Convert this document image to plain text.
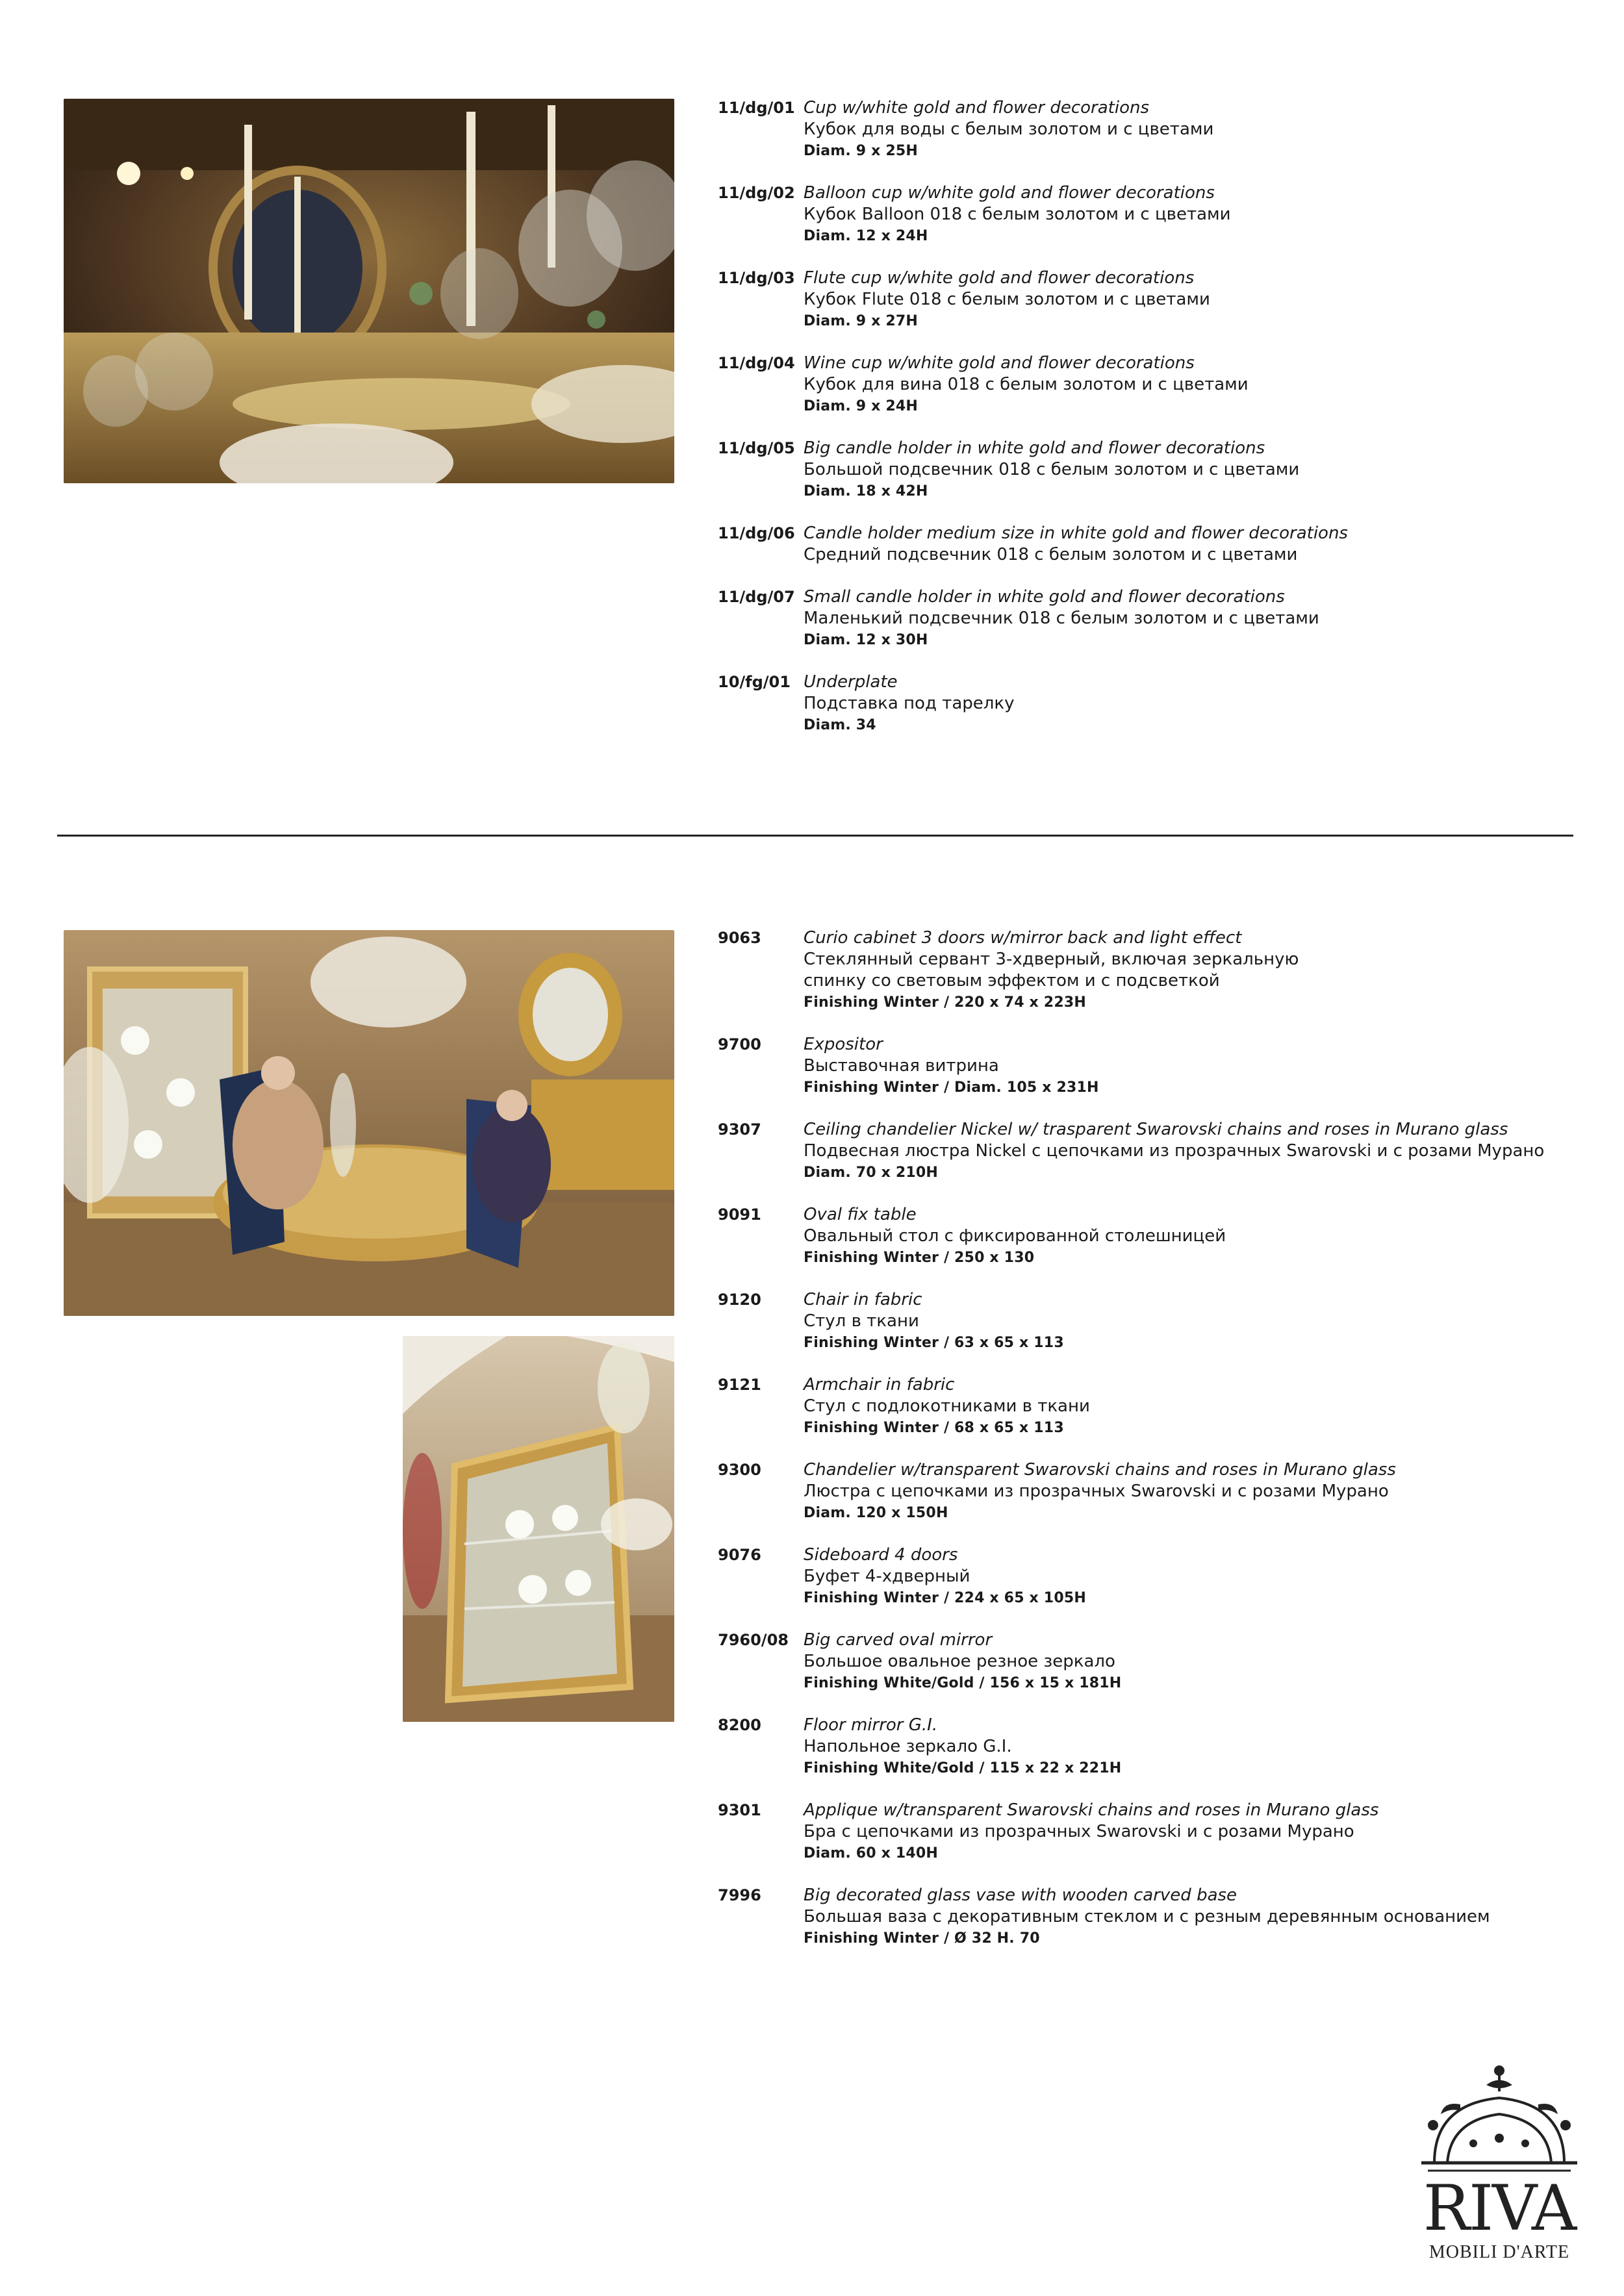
11/dg/01 Cup w/white gold and flower decorations
Кубок для воды с белым золотом и с цветами
Diam. 9 x 25H
11/dg/02 Balloon cup w/white gold and flower decorations
Кубок Balloon 018 с белым золотом и с цветами
Diam. 12 x 24H
11/dg/03 Flute cup w/white gold and flower decorations
Кубок Flute 018 с белым золотом и с цветами
Diam. 9 x 27H
11/dg/04 Wine cup w/white gold and flower decorations
Кубок для вина 018 с белым золотом и с цветами
Diam. 9 x 24H
11/dg/05 Big candle holder in white gold and flower decorations
Большой подсвечник 018 с белым золотом и с цветами
Diam. 18 x 42H
11/dg/06 Candle holder medium size in white gold and flower decorations
Средний подсвечник 018 с белым золотом и с цветами
11/dg/07 Small candle holder in white gold and flower decorations
Маленький подсвечник 018 с белым золотом и с цветами
Diam. 12 x 30H
10/fg/01 Underplate
Подставка под тарелку
Diam. 34
9063	Curio cabinet 3 doors w/mirror back and light effect
Стеклянный сервант 3-хдверный, включая зеркальную
спинку со световым эффектом и с подсветкой
Finishing Winter / 220 x 74 x 223H
9700	Expositor
Выставочная витрина
Finishing Winter / Diam. 105 x 231H
9307	Ceiling chandelier Nickel w/ trasparent Swarovski chains and roses in Murano glass
Подвесная люстра Nickel с цепочками из прозрачных Swarovski и с розами Мурано
Diam. 70 x 210H
9091	Oval fix table
Овальный стол с фиксированной столешницей
Finishing Winter / 250 x 130
9120	Chair in fabric
Стул в ткани
Finishing Winter / 63 x 65 x 113
9121	Armchair in fabric
Стул с подлокотниками в ткани
Finishing Winter / 68 x 65 x 113
9300	Chandelier w/transparent Swarovski chains and roses in Murano glass
Люстра с цепочками из прозрачных Swarovski и с розами Мурано
Diam. 120 x 150H
9076	Sideboard 4 doors
Буфет 4-хдверный
Finishing Winter / 224 x 65 x 105H
7960/08 Big carved oval mirror
Большое овальное резное зеркало
Finishing White/Gold / 156 x 15 x 181H
8200	Floor mirror G.I.
Напольное зеркало G.I.
Finishing White/Gold / 115 x 22 x 221H
9301	Applique w/transparent Swarovski chains and roses in Murano glass
Бра с цепочками из прозрачных Swarovski и с розами Мурано
Diam. 60 x 140H
7996	Big decorated glass vase with wooden carved base
Большая ваза с декоративным стеклом и с резным деревянным основанием
Finishing Winter / Ø 32 H. 70
RIVA
MOBILI D'ARTE
